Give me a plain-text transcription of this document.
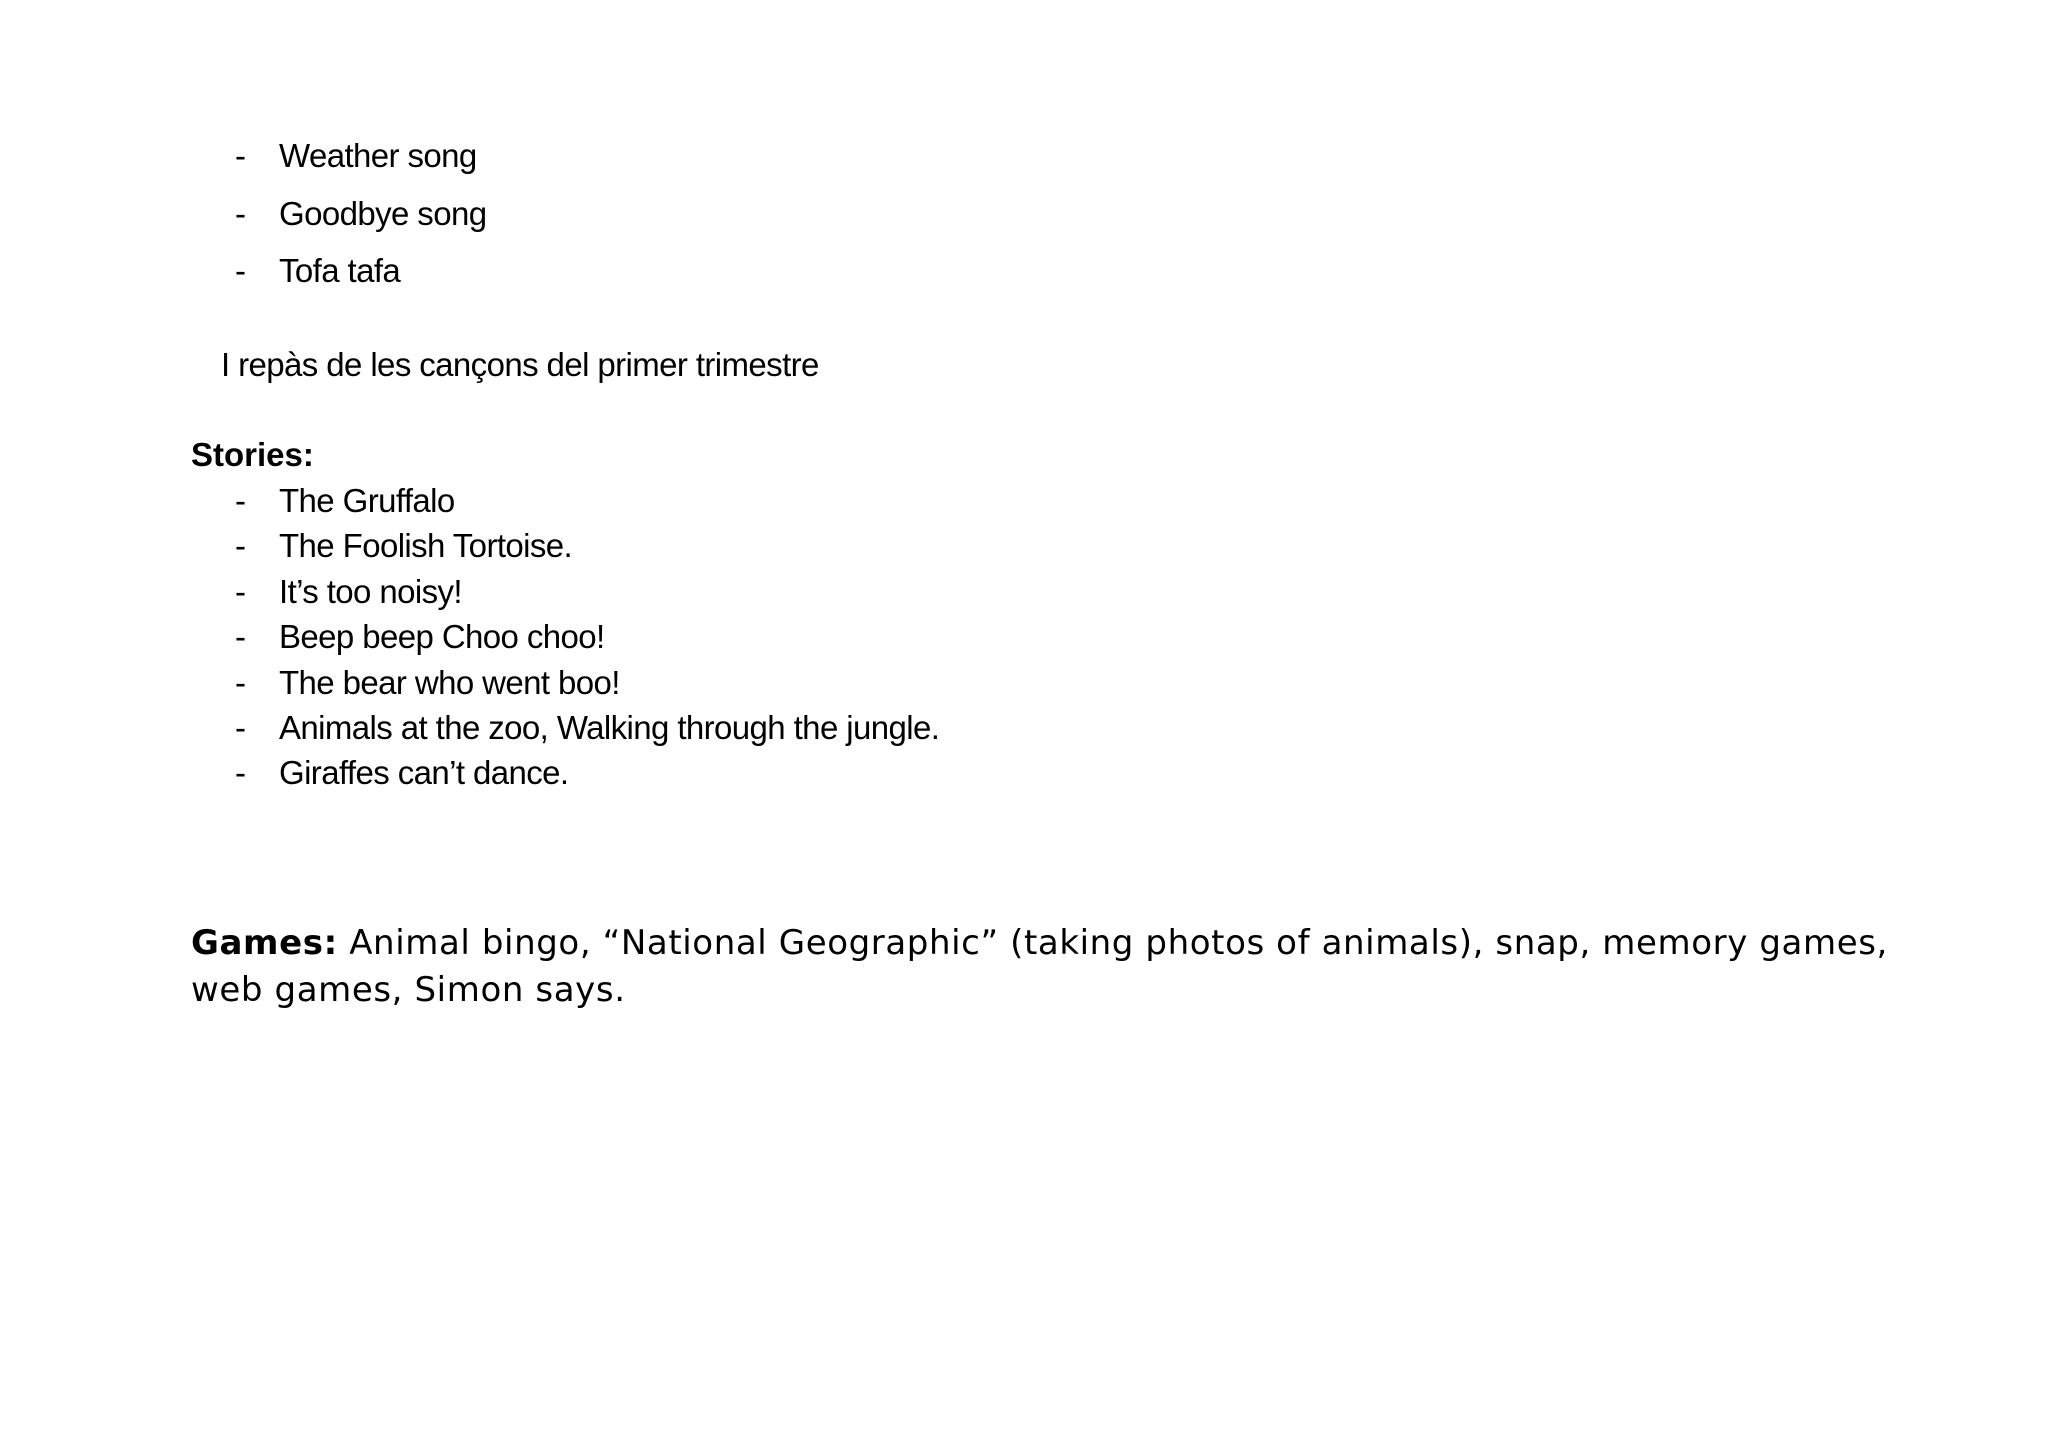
- Weather song
- Goodbye song
- Tofa tafa
I repàs de les cançons del primer trimestre
Stories:
- The Gruffalo
- The Foolish Tortoise.
- It’s too noisy!
- Beep beep Choo choo!
- The bear who went boo!
- Animals at the zoo, Walking through the jungle.
- Giraffes can’t dance.

Games: Animal bingo, “National Geographic” (taking photos of animals), snap, memory games, web games, Simon says.
